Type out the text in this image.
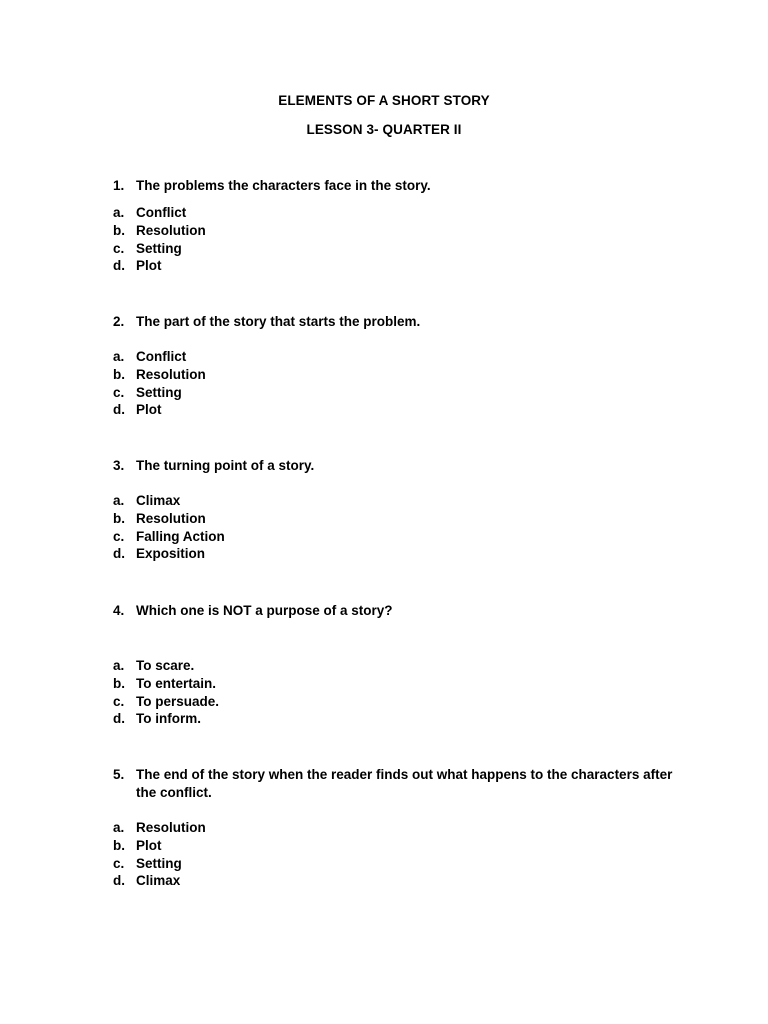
ELEMENTS OF A SHORT STORY
LESSON 3- QUARTER II
1. The problems the characters face in the story.
a. Conflict
b. Resolution
c. Setting
d. Plot
2. The part of the story that starts the problem.
a. Conflict
b. Resolution
c. Setting
d. Plot
3. The turning point of a story.
a. Climax
b. Resolution
c. Falling Action
d. Exposition
4. Which one is NOT a purpose of a story?
a. To scare.
b. To entertain.
c. To persuade.
d. To inform.
5. The end of the story when the reader finds out what happens to the characters after the conflict.
a. Resolution
b. Plot
c. Setting
d. Climax
